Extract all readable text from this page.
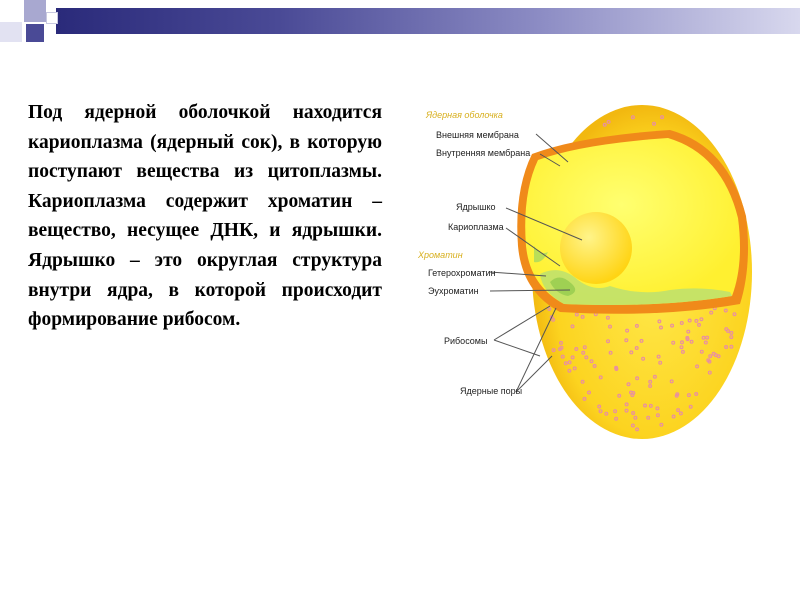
Под ядерной оболочкой находится кариоплазма (ядерный сок), в которую поступают вещества из цитоплазмы. Кариоплазма содержит хроматин – вещество, несущее ДНК, и ядрышки. Ядрышко – это округлая структура внутри ядра, в которой происходит формирование рибосом.
Ядерная оболочка
Внешняя мембрана
Внутренняя мембрана
Ядрышко
Кариоплазма
Хроматин
Гетерохроматин
Эухроматин
Рибосомы
Ядерные поры
